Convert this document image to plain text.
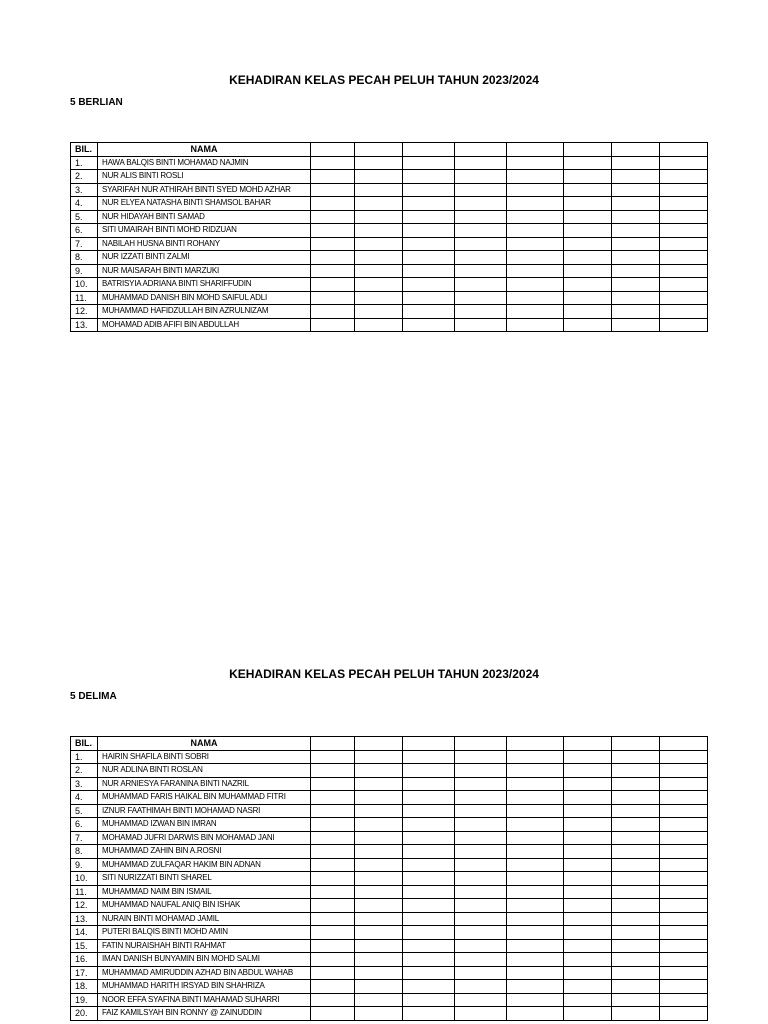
KEHADIRAN KELAS PECAH PELUH TAHUN 2023/2024
5 BERLIAN
BIL.	NAMA								
1.	HAWA BALQIS BINTI MOHAMAD NAJMIN								
2.	NUR ALIS BINTI ROSLI								
3.	SYARIFAH NUR ATHIRAH BINTI SYED MOHD AZHAR								
4.	NUR ELYEA NATASHA BINTI SHAMSOL BAHAR								
5.	NUR HIDAYAH BINTI SAMAD								
6.	SITI UMAIRAH BINTI MOHD RIDZUAN								
7.	NABILAH HUSNA BINTI ROHANY								
8.	NUR IZZATI BINTI ZALMI								
9.	NUR MAISARAH BINTI MARZUKI								
10.	BATRISYIA ADRIANA BINTI SHARIFFUDIN								
11.	MUHAMMAD DANISH BIN MOHD SAIFUL ADLI								
12.	MUHAMMAD HAFIDZULLAH BIN AZRULNIZAM								
13.	MOHAMAD ADIB AFIFI BIN ABDULLAH								
KEHADIRAN KELAS PECAH PELUH TAHUN 2023/2024
5 DELIMA
BIL.	NAMA								
1.	HAIRIN SHAFILA BINTI SOBRI								
2.	NUR ADLINA BINTI ROSLAN								
3.	NUR ARNIESYA FARANINA BINTI NAZRIL								
4.	MUHAMMAD FARIS HAIKAL BIN MUHAMMAD FITRI								
5.	IZNUR FAATHIMAH BINTI MOHAMAD NASRI								
6.	MUHAMMAD IZWAN BIN IMRAN								
7.	MOHAMAD JUFRI DARWIS BIN MOHAMAD JANI								
8.	MUHAMMAD ZAHIN BIN A.ROSNI								
9.	MUHAMMAD ZULFAQAR HAKIM BIN ADNAN								
10.	SITI NURIZZATI BINTI SHAREL								
11.	MUHAMMAD NAIM BIN ISMAIL								
12.	MUHAMMAD NAUFAL ANIQ BIN ISHAK								
13.	NURAIN BINTI MOHAMAD JAMIL								
14.	PUTERI BALQIS BINTI MOHD AMIN								
15.	FATIN NURAISHAH BINTI RAHMAT								
16.	IMAN DANISH BUNYAMIN BIN MOHD SALMI								
17.	MUHAMMAD AMIRUDDIN AZHAD BIN ABDUL WAHAB								
18.	MUHAMMAD HARITH IRSYAD BIN SHAHRIZA								
19.	NOOR EFFA SYAFINA BINTI MAHAMAD SUHARRI								
20.	FAIZ KAMILSYAH BIN RONNY @ ZAINUDDIN								
